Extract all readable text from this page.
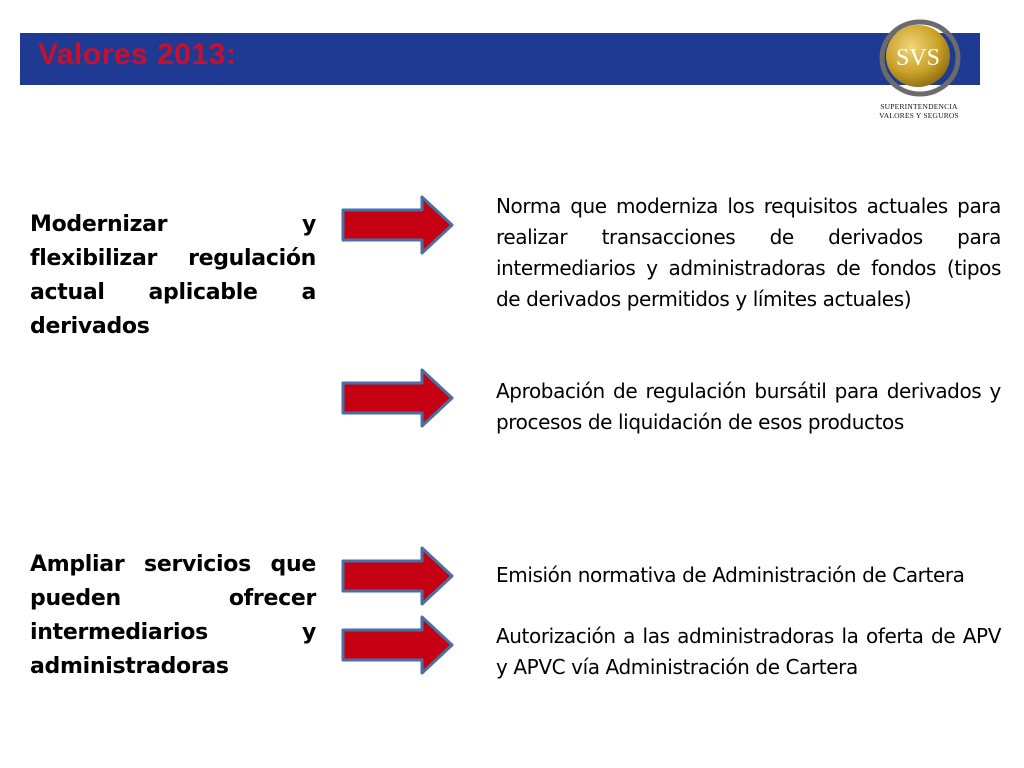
Valores 2013:	SVS
SUPERINTENDENCIA
VALORES Y SEGUROS
Modernizar y flexibilizar regulación actual aplicable a derivados
Ampliar servicios que pueden ofrecer intermediarios y administradoras
Norma que moderniza los requisitos actuales para realizar transacciones de derivados para intermediarios y administradoras de fondos (tipos de derivados permitidos y límites actuales)
Aprobación de regulación bursátil para derivados y procesos de liquidación de esos productos
Emisión normativa de Administración de Cartera
Autorización a las administradoras la oferta de APV y APVC vía Administración de Cartera
